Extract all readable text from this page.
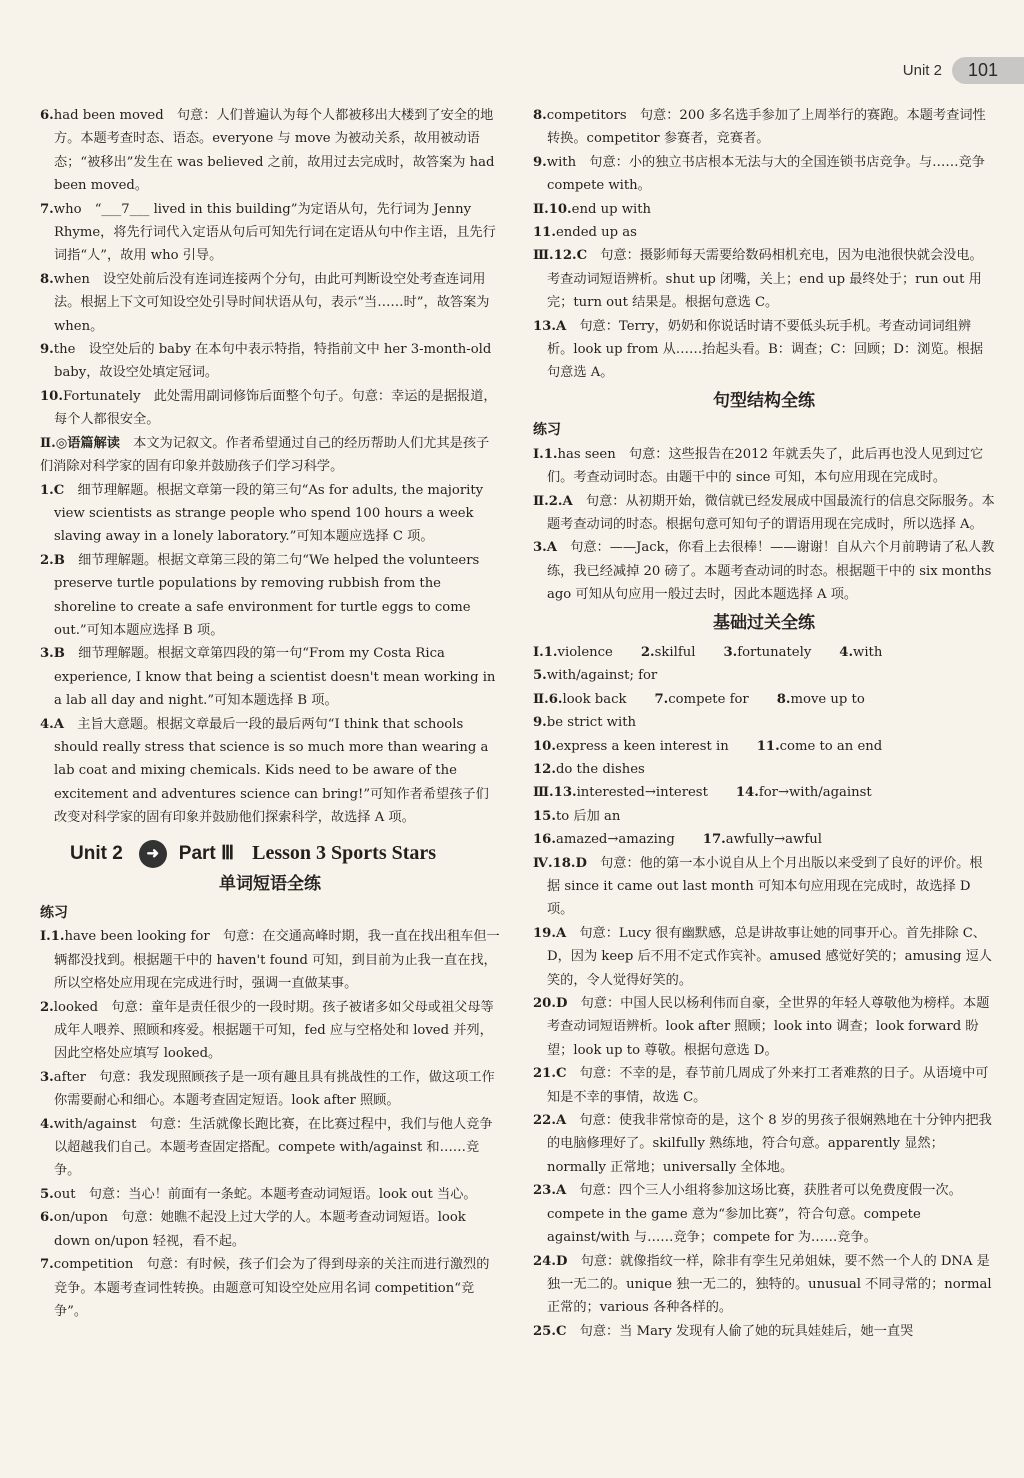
Unit 2	101

6.had been moved　句意：人们普遍认为每个人都被移出大楼到了安全的地方。本题考查时态、语态。everyone 与 move 为被动关系，故用被动语态；“被移出”发生在 was believed 之前，故用过去完成时，故答案为 had been moved。

7.who　“___7___ lived in this building”为定语从句，先行词为 Jenny Rhyme，将先行词代入定语从句后可知先行词在定语从句中作主语，且先行词指“人”，故用 who 引导。

8.when　设空处前后没有连词连接两个分句，由此可判断设空处考查连词用法。根据上下文可知设空处引导时间状语从句，表示“当……时”，故答案为 when。

9.the　设空处后的 baby 在本句中表示特指，特指前文中 her 3-month-old baby，故设空处填定冠词。

10.Fortunately　此处需用副词修饰后面整个句子。句意：幸运的是据报道，每个人都很安全。

Ⅱ.◎语篇解读　 本文为记叙文。作者希望通过自己的经历帮助人们尤其是孩子们消除对科学家的固有印象并鼓励孩子们学习科学。

1.C　 细节理解题。根据文章第一段的第三句“As for adults, the majority view scientists as strange people who spend 100 hours a week slaving away in a lonely laboratory.”可知本题应选择 C 项。

2.B　 细节理解题。根据文章第三段的第二句“We helped the volunteers preserve turtle populations by removing rubbish from the shoreline to create a safe environment for turtle eggs to come out.”可知本题应选择 B 项。

3.B　 细节理解题。根据文章第四段的第一句“From my Costa Rica experience, I know that being a scientist doesn't mean working in a lab all day and night.”可知本题选择 B 项。

4.A　 主旨大意题。根据文章最后一段的最后两句“I think that schools should really stress that science is so much more than wearing a lab coat and mixing chemicals. Kids need to be aware of the excitement and adventures science can bring!”可知作者希望孩子们改变对科学家的固有印象并鼓励他们探索科学，故选择 A 项。

Unit 2	➜	Part Ⅲ Lesson 3 Sports Stars
单词短语全练
练习

Ⅰ.1.have been looking for　句意：在交通高峰时期，我一直在找出租车但一辆都没找到。根据题干中的 haven't found 可知，到目前为止我一直在找，所以空格处应用现在完成进行时，强调一直做某事。

2.looked　句意：童年是责任很少的一段时期。孩子被诸多如父母或祖父母等成年人喂养、照顾和疼爱。根据题干可知，fed 应与空格处和 loved 并列，因此空格处应填写 looked。

3.after　句意：我发现照顾孩子是一项有趣且具有挑战性的工作，做这项工作你需要耐心和细心。本题考查固定短语。look after 照顾。

4.with/against　句意：生活就像长跑比赛，在比赛过程中，我们与他人竞争以超越我们自己。本题考查固定搭配。compete with/against 和……竞争。

5.out　句意：当心！前面有一条蛇。本题考查动词短语。look out 当心。

6.on/upon　句意：她瞧不起没上过大学的人。本题考查动词短语。look down on/upon 轻视，看不起。

7.competition　句意：有时候，孩子们会为了得到母亲的关注而进行激烈的竞争。本题考查词性转换。由题意可知设空处应用名词 competition“竞争”。

8.competitors　句意：200 多名选手参加了上周举行的赛跑。本题考查词性转换。competitor 参赛者，竞赛者。

9.with　句意：小的独立书店根本无法与大的全国连锁书店竞争。与……竞争 compete with。

Ⅱ.10.end up with

11.ended up as

Ⅲ.12.C　 句意：摄影师每天需要给数码相机充电，因为电池很快就会没电。考查动词短语辨析。shut up 闭嘴，关上；end up 最终处于；run out 用完；turn out 结果是。根据句意选 C。

13.A　 句意：Terry，奶奶和你说话时请不要低头玩手机。考查动词词组辨析。look up from 从……抬起头看。B：调查；C：回顾；D：浏览。根据句意选 A。

句型结构全练
练习

Ⅰ.1.has seen　句意：这些报告在2012 年就丢失了，此后再也没人见到过它们。考查动词时态。由题干中的 since 可知，本句应用现在完成时。

Ⅱ.2.A　 句意：从初期开始，微信就已经发展成中国最流行的信息交际服务。本题考查动词的时态。根据句意可知句子的谓语用现在完成时，所以选择 A。

3.A　 句意：——Jack，你看上去很棒！——谢谢！自从六个月前聘请了私人教练，我已经减掉 20 磅了。本题考查动词的时态。根据题干中的 six months ago 可知从句应用一般过去时，因此本题选择 A 项。

基础过关全练
Ⅰ.1.violence	2.skilful	3.fortunately	4.with
5.with/against; for
Ⅱ.6.look back	7.compete for	8.move up to
9.be strict with
10.express a keen interest in	11.come to an end
12.do the dishes
Ⅲ.13.interested→interest	14.for→with/against
15.to 后加 an
16.amazed→amazing	17.awfully→awful

Ⅳ.18.D　 句意：他的第一本小说自从上个月出版以来受到了良好的评价。根据 since it came out last month 可知本句应用现在完成时，故选择 D 项。

19.A　 句意：Lucy 很有幽默感，总是讲故事让她的同事开心。首先排除 C、D，因为 keep 后不用不定式作宾补。amused 感觉好笑的；amusing 逗人笑的，令人觉得好笑的。

20.D　 句意：中国人民以杨利伟而自豪，全世界的年轻人尊敬他为榜样。本题考查动词短语辨析。look after 照顾；look into 调查；look forward 盼望；look up to 尊敬。根据句意选 D。

21.C　 句意：不幸的是，春节前几周成了外来打工者难熬的日子。从语境中可知是不幸的事情，故选 C。

22.A　 句意：使我非常惊奇的是，这个 8 岁的男孩子很娴熟地在十分钟内把我的电脑修理好了。skilfully 熟练地，符合句意。apparently 显然；normally 正常地；universally 全体地。

23.A　 句意：四个三人小组将参加这场比赛，获胜者可以免费度假一次。compete in the game 意为“参加比赛”，符合句意。compete against/with 与……竞争；compete for 为……竞争。

24.D　 句意：就像指纹一样，除非有孪生兄弟姐妹，要不然一个人的 DNA 是独一无二的。unique 独一无二的，独特的。unusual 不同寻常的；normal 正常的；various 各种各样的。

25.C　 句意：当 Mary 发现有人偷了她的玩具娃娃后，她一直哭
